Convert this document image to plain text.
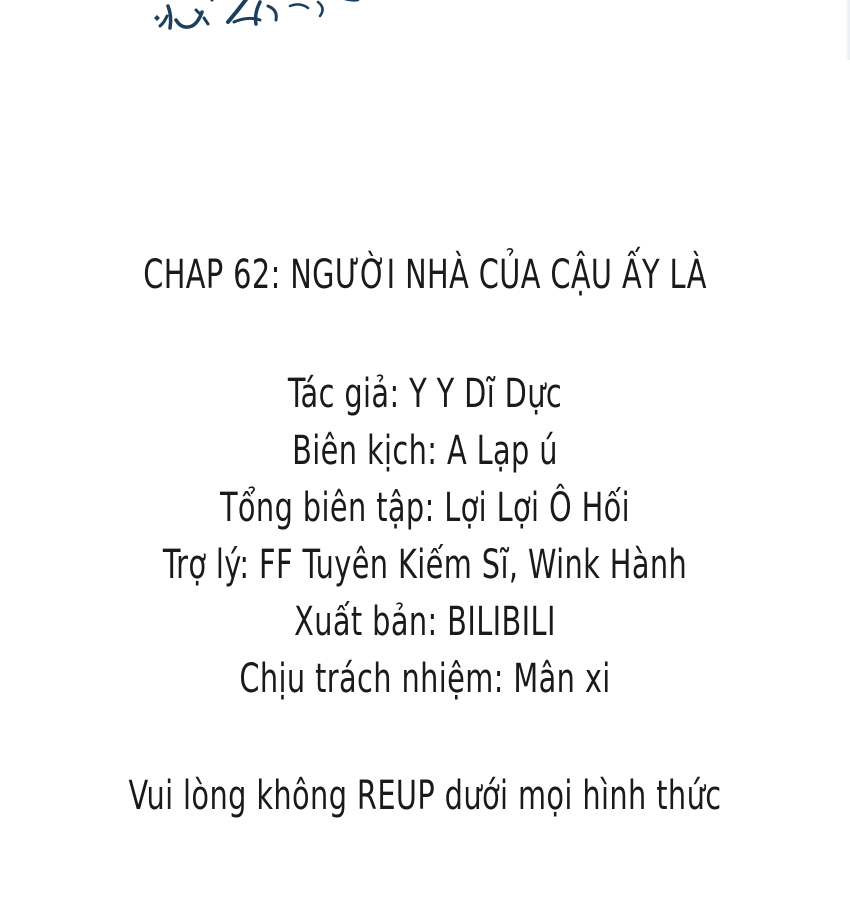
CHAP 62: NGƯỜI NHÀ CỦA CẬU ẤY LÀ
Tác giả: Y Y Dĩ Dực
Biên kịch: A Lạp ú
Tổng biên tập: Lợi Lợi Ô Hối
Trợ lý: FF Tuyên Kiếm Sĩ, Wink Hành
Xuất bản: BILIBILI
Chịu trách nhiệm: Mân xi
Vui lòng không REUP dưới mọi hình thức
